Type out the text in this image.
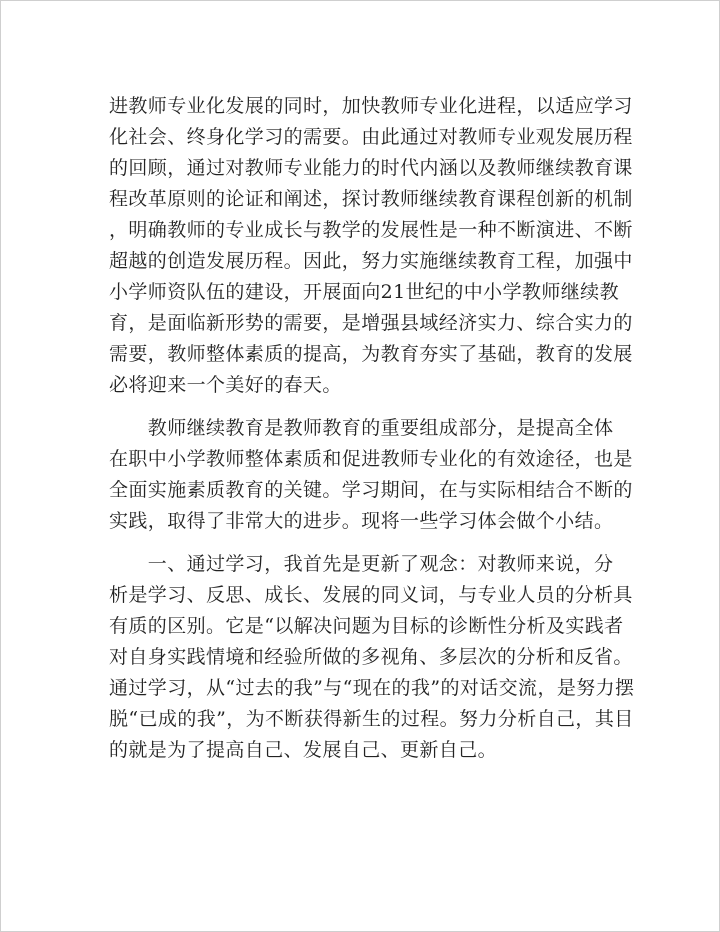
进教师专业化发展的同时，加快教师专业化进程，以适应学习
化社会、终身化学习的需要。由此通过对教师专业观发展历程
的回顾，通过对教师专业能力的时代内涵以及教师继续教育课
程改革原则的论证和阐述，探讨教师继续教育课程创新的机制
，明确教师的专业成长与教学的发展性是一种不断演进、不断
超越的创造发展历程。因此，努力实施继续教育工程，加强中
小学师资队伍的建设，开展面向21世纪的中小学教师继续教
育，是面临新形势的需要，是增强县域经济实力、综合实力的
需要，教师整体素质的提高，为教育夯实了基础，教育的发展
必将迎来一个美好的春天。
　　教师继续教育是教师教育的重要组成部分，是提高全体
在职中小学教师整体素质和促进教师专业化的有效途径，也是
全面实施素质教育的关键。学习期间，在与实际相结合不断的
实践，取得了非常大的进步。现将一些学习体会做个小结。
　　一、通过学习，我首先是更新了观念：对教师来说，分
析是学习、反思、成长、发展的同义词，与专业人员的分析具
有质的区别。它是“以解决问题为目标的诊断性分析及实践者
对自身实践情境和经验所做的多视角、多层次的分析和反省。
通过学习，从“过去的我”与“现在的我”的对话交流，是努力摆
脱“已成的我”，为不断获得新生的过程。努力分析自己，其目
的就是为了提高自己、发展自己、更新自己。
